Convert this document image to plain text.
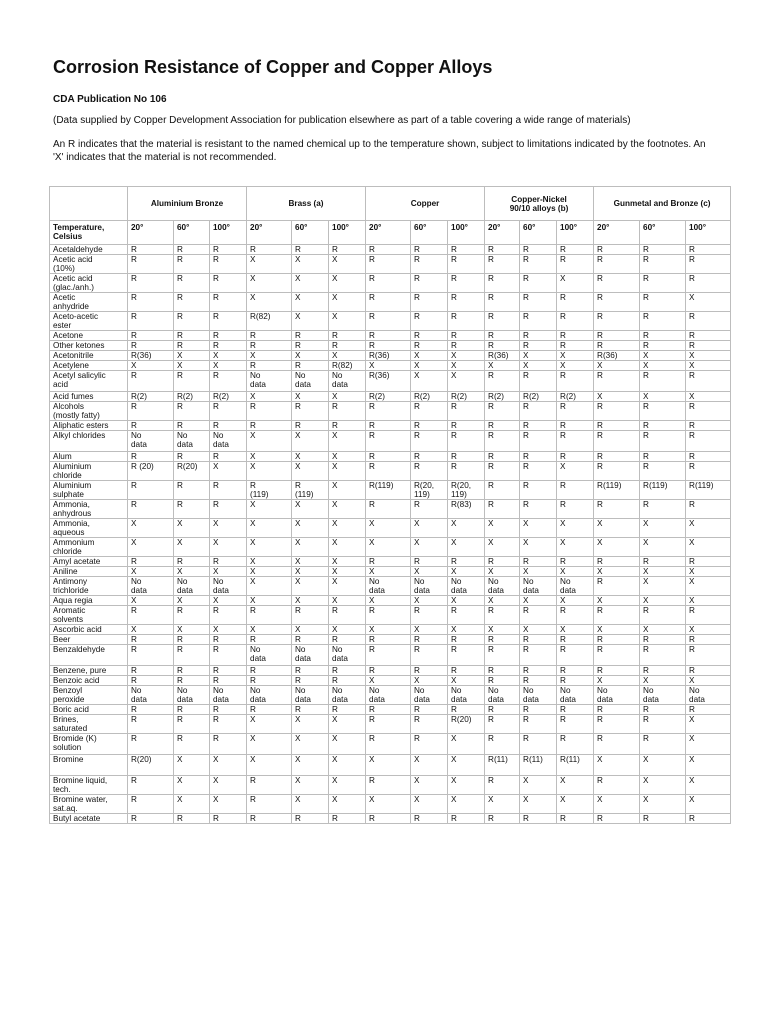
Corrosion Resistance of Copper and Copper Alloys

CDA Publication No 106

(Data supplied by Copper Development Association for publication elsewhere as part of a table covering a wide range of materials)

An R indicates that the material is resistant to the named chemical up to the temperature shown, subject to limitations indicated by the footnotes. An 'X' indicates that the material is not recommended.

	Aluminium Bronze			Brass (a)			Copper			Copper-Nickel
90/10 alloys (b)			Gunmetal and Bronze (c)		
Temperature,
Celsius	20°	60°	100°	20°	60°	100°	20°	60°	100°	20°	60°	100°	20°	60°	100°
Acetaldehyde	R	R	R	R	R	R	R	R	R	R	R	R	R	R	R
Acetic acid
(10%)	R	R	R	X	X	X	R	R	R	R	R	R	R	R	R
Acetic acid
(glac./anh.)	R	R	R	X	X	X	R	R	R	R	R	X	R	R	R
Acetic
anhydride	R	R	R	X	X	X	R	R	R	R	R	R	R	R	X
Aceto-acetic
ester	R	R	R	R(82)	X	X	R	R	R	R	R	R	R	R	R
Acetone	R	R	R	R	R	R	R	R	R	R	R	R	R	R	R
Other ketones	R	R	R	R	R	R	R	R	R	R	R	R	R	R	R
Acetonitrile	R(36)	X	X	X	X	X	R(36)	X	X	R(36)	X	X	R(36)	X	X
Acetylene	X	X	X	R	R	R(82)	X	X	X	X	X	X	X	X	X
Acetyl salicylic
acid	R	R	R	No
data	No
data	No
data	R(36)	X	X	R	R	R	R	R	R
Acid fumes	R(2)	R(2)	R(2)	X	X	X	R(2)	R(2)	R(2)	R(2)	R(2)	R(2)	X	X	X
Alcohols
(mostly fatty)	R	R	R	R	R	R	R	R	R	R	R	R	R	R	R
Aliphatic esters	R	R	R	R	R	R	R	R	R	R	R	R	R	R	R
Alkyl chlorides	No
data	No
data	No
data	X	X	X	R	R	R	R	R	R	R	R	R
Alum	R	R	R	X	X	X	R	R	R	R	R	R	R	R	R
Aluminium
chloride	R (20)	R(20)	X	X	X	X	R	R	R	R	R	X	R	R	R
Aluminium
sulphate	R	R	R	R
(119)	R
(119)	X	R(119)	R(20,
119)	R(20,
119)	R	R	R	R(119)	R(119)	R(119)
Ammonia,
anhydrous	R	R	R	X	X	X	R	R	R(83)	R	R	R	R	R	R
Ammonia,
aqueous	X	X	X	X	X	X	X	X	X	X	X	X	X	X	X
Ammonium
chloride	X	X	X	X	X	X	X	X	X	X	X	X	X	X	X
Amyl acetate	R	R	R	X	X	X	R	R	R	R	R	R	R	R	R
Aniline	X	X	X	X	X	X	X	X	X	X	X	X	X	X	X
Antimony
trichloride	No
data	No
data	No
data	X	X	X	No
data	No
data	No
data	No
data	No
data	No
data	R	X	X
Aqua regia	X	X	X	X	X	X	X	X	X	X	X	X	X	X	X
Aromatic
solvents	R	R	R	R	R	R	R	R	R	R	R	R	R	R	R
Ascorbic acid	X	X	X	X	X	X	X	X	X	X	X	X	X	X	X
Beer	R	R	R	R	R	R	R	R	R	R	R	R	R	R	R
Benzaldehyde	R	R	R	No
data	No
data	No
data	R	R	R	R	R	R	R	R	R
Benzene, pure	R	R	R	R	R	R	R	R	R	R	R	R	R	R	R
Benzoic acid	R	R	R	R	R	R	X	X	X	R	R	R	X	X	X
Benzoyl
peroxide	No
data	No
data	No
data	No
data	No
data	No
data	No
data	No
data	No
data	No
data	No
data	No
data	No
data	No
data	No
data
Boric acid	R	R	R	R	R	R	R	R	R	R	R	R	R	R	R
Brines,
saturated	R	R	R	X	X	X	R	R	R(20)	R	R	R	R	R	X
Bromide (K)
solution	R	R	R	X	X	X	R	R	X	R	R	R	R	R	X
Bromine	R(20)	X	X	X	X	X	X	X	X	R(11)	R(11)	R(11)	X	X	X
Bromine liquid,
tech.	R	X	X	R	X	X	R	X	X	R	X	X	R	X	X
Bromine water,
sat.aq.	R	X	X	R	X	X	X	X	X	X	X	X	X	X	X
Butyl acetate	R	R	R	R	R	R	R	R	R	R	R	R	R	R	R
